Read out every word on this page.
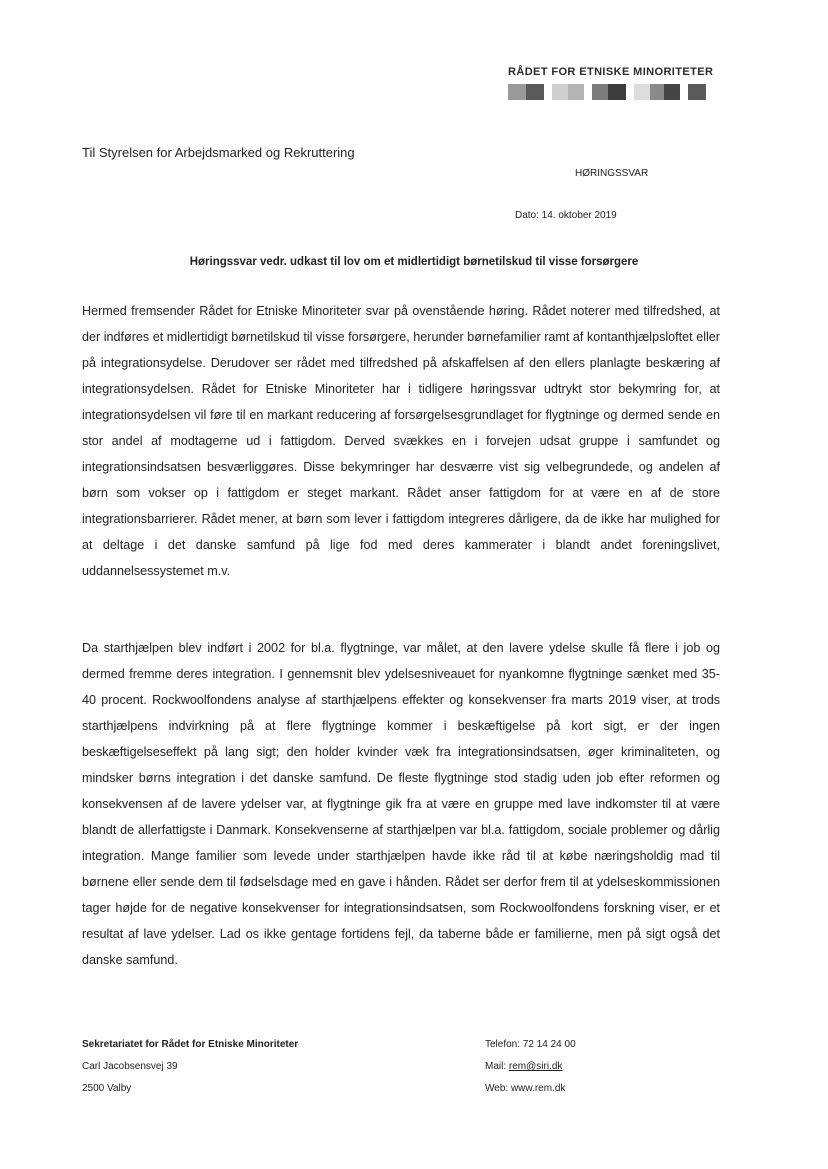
RÅDET FOR ETNISKE MINORITETER
Til Styrelsen for Arbejdsmarked og Rekruttering
HØRINGSSVAR
Dato: 14. oktober 2019
Høringssvar vedr. udkast til lov om et midlertidigt børnetilskud til visse forsørgere

Hermed fremsender Rådet for Etniske Minoriteter svar på ovenstående høring. Rådet noterer med tilfredshed, at der indføres et midlertidigt børnetilskud til visse forsørgere, herunder børnefamilier ramt af kontanthjælpsloftet eller på integrationsydelse. Derudover ser rådet med tilfredshed på afskaffelsen af den ellers planlagte beskæring af integrationsydelsen. Rådet for Etniske Minoriteter har i tidligere høringssvar udtrykt stor bekymring for, at integrationsydelsen vil føre til en markant reducering af forsørgelsesgrundlaget for flygtninge og dermed sende en stor andel af modtagerne ud i fattigdom. Derved svækkes en i forvejen udsat gruppe i samfundet og integrationsindsatsen besværliggøres. Disse bekymringer har desværre vist sig velbegrundede, og andelen af børn som vokser op i fattigdom er steget markant. Rådet anser fattigdom for at være en af de store integrationsbarrierer. Rådet mener, at børn som lever i fattigdom integreres dårligere, da de ikke har mulighed for at deltage i det danske samfund på lige fod med deres kammerater i blandt andet foreningslivet, uddannelsessystemet m.v.

Da starthjælpen blev indført i 2002 for bl.a. flygtninge, var målet, at den lavere ydelse skulle få flere i job og dermed fremme deres integration. I gennemsnit blev ydelsesniveauet for nyankomne flygtninge sænket med 35-40 procent. Rockwoolfondens analyse af starthjælpens effekter og konsekvenser fra marts 2019 viser, at trods starthjælpens indvirkning på at flere flygtninge kommer i beskæftigelse på kort sigt, er der ingen beskæftigelseseffekt på lang sigt; den holder kvinder væk fra integrationsindsatsen, øger kriminaliteten, og mindsker børns integration i det danske samfund. De fleste flygtninge stod stadig uden job efter reformen og konsekvensen af de lavere ydelser var, at flygtninge gik fra at være en gruppe med lave indkomster til at være blandt de allerfattigste i Danmark. Konsekvenserne af starthjælpen var bl.a. fattigdom, sociale problemer og dårlig integration. Mange familier som levede under starthjælpen havde ikke råd til at købe næringsholdig mad til børnene eller sende dem til fødselsdage med en gave i hånden. Rådet ser derfor frem til at ydelseskommissionen tager højde for de negative konsekvenser for integrationsindsatsen, som Rockwoolfondens forskning viser, er et resultat af lave ydelser. Lad os ikke gentage fortidens fejl, da taberne både er familierne, men på sigt også det danske samfund.

Sekretariatet for Rådet for Etniske Minoriteter
Carl Jacobsensvej 39
2500 Valby
Telefon: 72 14 24 00
Mail: rem@siri.dk
Web: www.rem.dk
